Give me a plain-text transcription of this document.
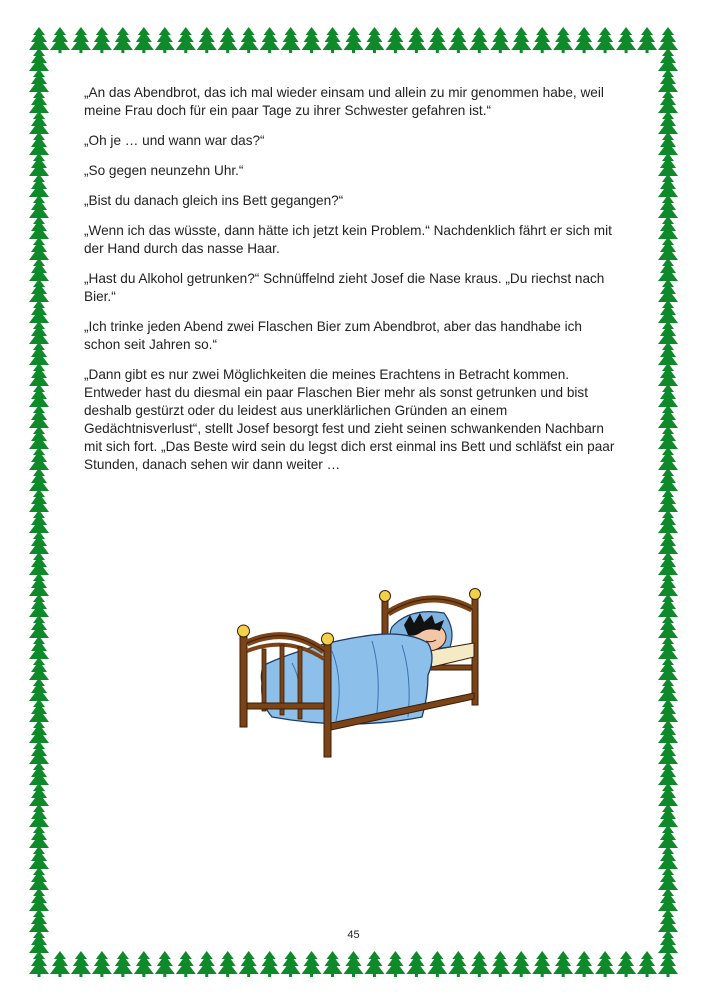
„An das Abendbrot, das ich mal wieder einsam und allein zu mir genommen habe, weil meine Frau doch für ein paar Tage zu ihrer Schwester gefahren ist.“

„Oh je … und wann war das?“

„So gegen neunzehn Uhr.“

„Bist du danach gleich ins Bett gegangen?“

„Wenn ich das wüsste, dann hätte ich jetzt kein Problem.“ Nachdenklich fährt er sich mit der Hand durch das nasse Haar.

„Hast du Alkohol getrunken?“ Schnüffelnd zieht Josef die Nase kraus. „Du riechst nach Bier.“

„Ich trinke jeden Abend zwei Flaschen Bier zum Abendbrot, aber das handhabe ich schon seit Jahren so.“

„Dann gibt es nur zwei Möglichkeiten die meines Erachtens in Betracht kommen. Entweder hast du diesmal ein paar Flaschen Bier mehr als sonst getrunken und bist deshalb gestürzt oder du leidest aus unerklärlichen Gründen an einem Gedächtnisverlust“, stellt Josef besorgt fest und zieht seinen schwankenden Nachbarn mit sich fort. „Das Beste wird sein du legst dich erst einmal ins Bett und schläfst ein paar Stunden, danach sehen wir dann weiter …

45
